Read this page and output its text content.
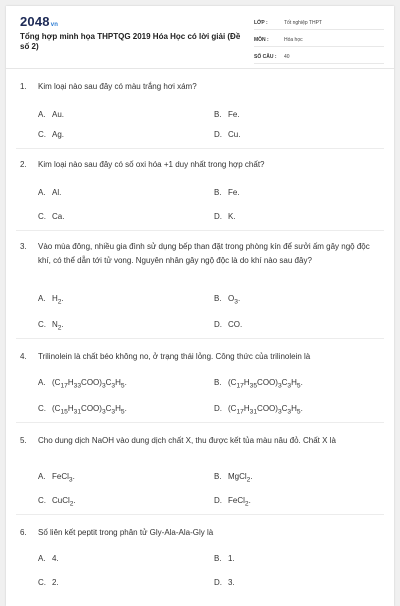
2048vn
Tổng hợp minh họa THPTQG 2019 Hóa Học có lời giải (Đề số 2)
LỚP :	Tốt nghiệp THPT
MÔN :	Hóa học
SỐ CÂU :	40
1. Kim loại nào sau đây có màu trắng hơi xám?
A. Au.	B. Fe.
C. Ag.	D. Cu.
2. Kim loại nào sau đây có số oxi hóa +1 duy nhất trong hợp chất?
A. Al.	B. Fe.
C. Ca.	D. K.
3. Vào mùa đông, nhiều gia đình sử dụng bếp than đặt trong phòng kín để sưởi ấm gây ngộ độc khí, có thể dẫn tới tử vong. Nguyên nhân gây ngộ độc là do khí nào sau đây?
A. $H_2$.	B. $O_3$.
C. $N_2$.	D. CO.
4. Trilinolein là chất béo không no, ở trạng thái lỏng. Công thức của trilinolein là
A. $(C_{17}H_{33}COO)_3C_3H_5$.	B. $(C_{17}H_{35}COO)_3C_3H_5$.
C. $(C_{15}H_{31}COO)_3C_3H_5$.	D. $(C_{17}H_{31}COO)_3C_3H_5$.
5. Cho dung dịch NaOH vào dung dịch chất X, thu được kết tủa màu nâu đỏ. Chất X là
A. FeCl$_3$.	B. MgCl$_2$.
C. CuCl$_2$.	D. FeCl$_2$.
6. Số liên kết peptit trong phân tử Gly-Ala-Ala-Gly là
A. 4.	B. 1.
C. 2.	D. 3.
